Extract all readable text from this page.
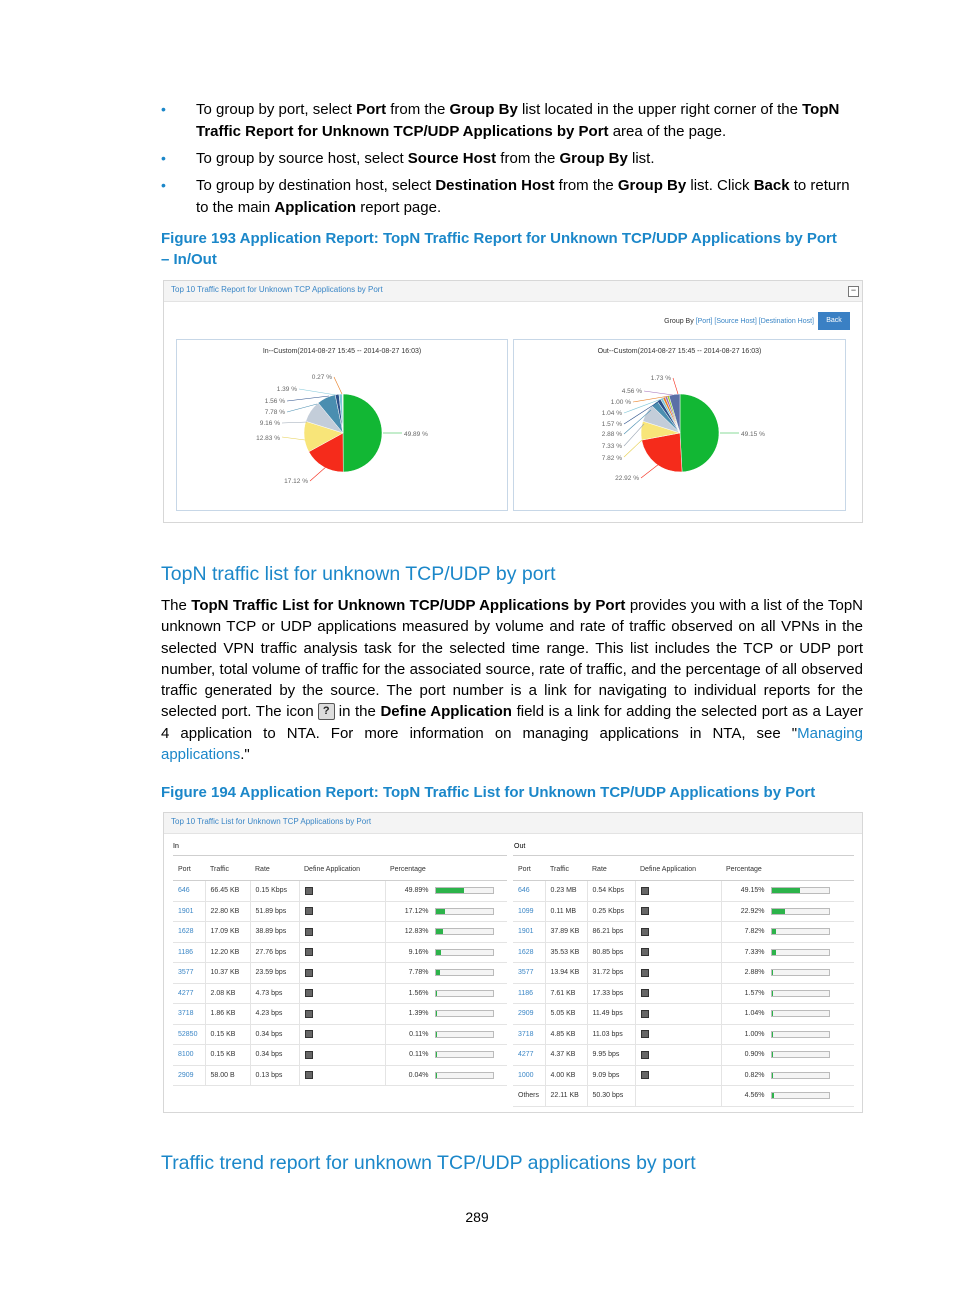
• To group by port, select Port from the Group By list located in the upper right corner of the TopN Traffic Report for Unknown TCP/UDP Applications by Port area of the page.
• To group by source host, select Source Host from the Group By list.
• To group by destination host, select Destination Host from the Group By list. Click Back to return to the main Application report page.
Figure 193 Application Report: TopN Traffic Report for Unknown TCP/UDP Applications by Port – In/Out
Top 10 Traffic Report for Unknown TCP Applications by Port	−
Group By [Port] [Source Host] [Destination Host]	Back
In--Custom(2014-08-27 15:45 -- 2014-08-27 16:03)
49.89 %
17.12 %
12.83 %
9.16 %
7.78 %
1.56 %
1.39 %
0.27 %
Out--Custom(2014-08-27 15:45 -- 2014-08-27 16:03)
49.15 %
22.92 %
7.82 %
7.33 %
2.88 %
1.57 %
1.04 %
1.00 %
4.56 %
1.73 %
TopN traffic list for unknown TCP/UDP by port
The TopN Traffic List for Unknown TCP/UDP Applications by Port provides you with a list of the TopN unknown TCP or UDP applications measured by volume and rate of traffic observed on all VPNs in the selected VPN traffic analysis task for the selected time range. This list includes the TCP or UDP port number, total volume of traffic for the associated source, rate of traffic, and the percentage of all observed traffic generated by the source. The port number is a link for navigating to individual reports for the selected port. The icon ? in the Define Application field is a link for adding the selected port as a Layer 4 application to NTA. For more information on managing applications in NTA, see "Managing applications."
Figure 194 Application Report: TopN Traffic List for Unknown TCP/UDP Applications by Port
Top 10 Traffic List for Unknown TCP Applications by Port
In	Out
Port	Traffic	Rate	Define Application	Percentage
646	66.45 KB	0.15 Kbps		49.89%

1901	22.80 KB	51.89 bps		17.12%

1628	17.09 KB	38.89 bps		12.83%

1186	12.20 KB	27.76 bps		9.16%

3577	10.37 KB	23.59 bps		7.78%

4277	2.08 KB	4.73 bps		1.56%

3718	1.86 KB	4.23 bps		1.39%

52850	0.15 KB	0.34 bps		0.11%

8100	0.15 KB	0.34 bps		0.11%

2909	58.00 B	0.13 bps		0.04%
Port	Traffic	Rate	Define Application	Percentage
646	0.23 MB	0.54 Kbps		49.15%

1099	0.11 MB	0.25 Kbps		22.92%

1901	37.89 KB	86.21 bps		7.82%

1628	35.53 KB	80.85 bps		7.33%

3577	13.94 KB	31.72 bps		2.88%

1186	7.61 KB	17.33 bps		1.57%

2909	5.05 KB	11.49 bps		1.04%

3718	4.85 KB	11.03 bps		1.00%

4277	4.37 KB	9.95 bps		0.90%

1000	4.00 KB	9.09 bps		0.82%

Others	22.11 KB	50.30 bps		4.56%
Traffic trend report for unknown TCP/UDP applications by port
289
